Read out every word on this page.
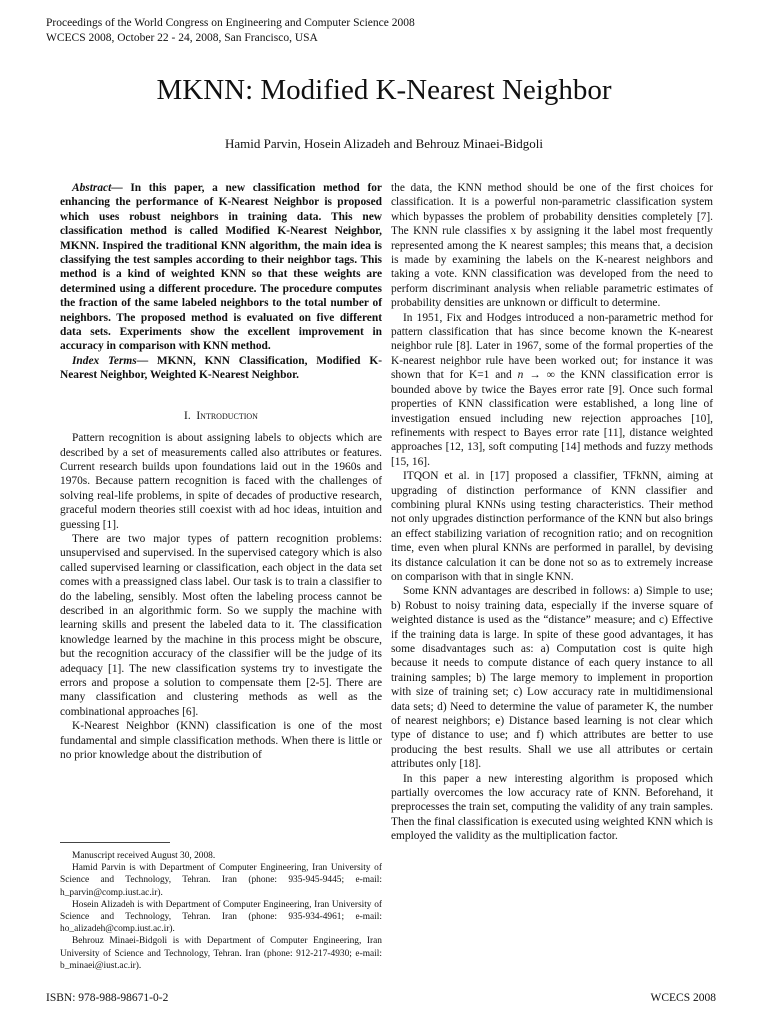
Proceedings of the World Congress on Engineering and Computer Science 2008
WCECS 2008, October 22 - 24, 2008, San Francisco, USA
MKNN: Modified K-Nearest Neighbor
Hamid Parvin, Hosein Alizadeh and Behrouz Minaei-Bidgoli

Abstract— In this paper, a new classification method for enhancing the performance of K-Nearest Neighbor is proposed which uses robust neighbors in training data. This new classification method is called Modified K-Nearest Neighbor, MKNN. Inspired the traditional KNN algorithm, the main idea is classifying the test samples according to their neighbor tags. This method is a kind of weighted KNN so that these weights are determined using a different procedure. The procedure computes the fraction of the same labeled neighbors to the total number of neighbors. The proposed method is evaluated on five different data sets. Experiments show the excellent improvement in accuracy in comparison with KNN method.

Index Terms— MKNN, KNN Classification, Modified K-Nearest Neighbor, Weighted K-Nearest Neighbor.

I. Introduction

Pattern recognition is about assigning labels to objects which are described by a set of measurements called also attributes or features. Current research builds upon foundations laid out in the 1960s and 1970s. Because pattern recognition is faced with the challenges of solving real-life problems, in spite of decades of productive research, graceful modern theories still coexist with ad hoc ideas, intuition and guessing [1].

There are two major types of pattern recognition problems: unsupervised and supervised. In the supervised category which is also called supervised learning or classification, each object in the data set comes with a preassigned class label. Our task is to train a classifier to do the labeling, sensibly. Most often the labeling process cannot be described in an algorithmic form. So we supply the machine with learning skills and present the labeled data to it. The classification knowledge learned by the machine in this process might be obscure, but the recognition accuracy of the classifier will be the judge of its adequacy [1]. The new classification systems try to investigate the errors and propose a solution to compensate them [2-5]. There are many classification and clustering methods as well as the combinational approaches [6].

K-Nearest Neighbor (KNN) classification is one of the most fundamental and simple classification methods. When there is little or no prior knowledge about the distribution of

Manuscript received August 30, 2008.

Hamid Parvin is with Department of Computer Engineering, Iran University of Science and Technology, Tehran. Iran (phone: 935-945-9445; e-mail: h_parvin@comp.iust.ac.ir).

Hosein Alizadeh is with Department of Computer Engineering, Iran University of Science and Technology, Tehran. Iran (phone: 935-934-4961; e-mail: ho_alizadeh@comp.iust.ac.ir).

Behrouz Minaei-Bidgoli is with Department of Computer Engineering, Iran University of Science and Technology, Tehran. Iran (phone: 912-217-4930; e-mail: b_minaei@iust.ac.ir).

the data, the KNN method should be one of the first choices for classification. It is a powerful non-parametric classification system which bypasses the problem of probability densities completely [7]. The KNN rule classifies x by assigning it the label most frequently represented among the K nearest samples; this means that, a decision is made by examining the labels on the K-nearest neighbors and taking a vote. KNN classification was developed from the need to perform discriminant analysis when reliable parametric estimates of probability densities are unknown or difficult to determine.

In 1951, Fix and Hodges introduced a non-parametric method for pattern classification that has since become known the K-nearest neighbor rule [8]. Later in 1967, some of the formal properties of the K-nearest neighbor rule have been worked out; for instance it was shown that for K=1 and n → ∞ the KNN classification error is bounded above by twice the Bayes error rate [9]. Once such formal properties of KNN classification were established, a long line of investigation ensued including new rejection approaches [10], refinements with respect to Bayes error rate [11], distance weighted approaches [12, 13], soft computing [14] methods and fuzzy methods [15, 16].

ITQON et al. in [17] proposed a classifier, TFkNN, aiming at upgrading of distinction performance of KNN classifier and combining plural KNNs using testing characteristics. Their method not only upgrades distinction performance of the KNN but also brings an effect stabilizing variation of recognition ratio; and on recognition time, even when plural KNNs are performed in parallel, by devising its distance calculation it can be done not so as to extremely increase on comparison with that in single KNN.

Some KNN advantages are described in follows: a) Simple to use; b) Robust to noisy training data, especially if the inverse square of weighted distance is used as the “distance” measure; and c) Effective if the training data is large. In spite of these good advantages, it has some disadvantages such as: a) Computation cost is quite high because it needs to compute distance of each query instance to all training samples; b) The large memory to implement in proportion with size of training set; c) Low accuracy rate in multidimensional data sets; d) Need to determine the value of parameter K, the number of nearest neighbors; e) Distance based learning is not clear which type of distance to use; and f) which attributes are better to use producing the best results. Shall we use all attributes or certain attributes only [18].

In this paper a new interesting algorithm is proposed which partially overcomes the low accuracy rate of KNN. Beforehand, it preprocesses the train set, computing the validity of any train samples. Then the final classification is executed using weighted KNN which is employed the validity as the multiplication factor.

ISBN: 978-988-98671-0-2	WCECS 2008
